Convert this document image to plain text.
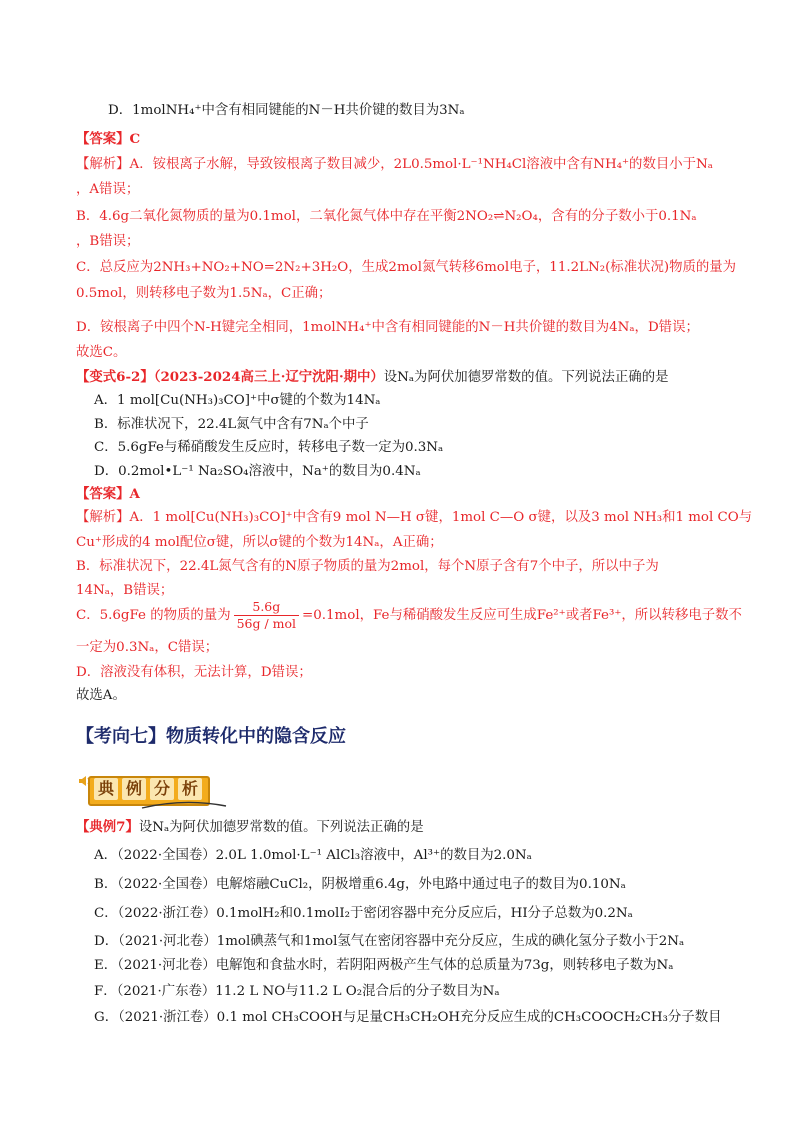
D．1molNH₄⁺中含有相同键能的N－H共价键的数目为3Nₐ
【答案】C
【解析】A．铵根离子水解，导致铵根离子数目减少，2L0.5mol·L⁻¹NH₄Cl溶液中含有NH₄⁺的数目小于Nₐ
，A错误；
B．4.6g二氧化氮物质的量为0.1mol，二氧化氮气体中存在平衡2NO₂⇌N₂O₄，含有的分子数小于0.1Nₐ
，B错误；
C．总反应为2NH₃+NO₂+NO=2N₂+3H₂O，生成2mol氮气转移6mol电子，11.2LN₂(标准状况)物质的量为
0.5mol，则转移电子数为1.5Nₐ，C正确；
D．铵根离子中四个N-H键完全相同，1molNH₄⁺中含有相同键能的N－H共价键的数目为4Nₐ，D错误；
故选C。
【变式6-2】（2023-2024高三上·辽宁沈阳·期中）设Nₐ为阿伏加德罗常数的值。下列说法正确的是
A．1 mol[Cu(NH₃)₃CO]⁺中σ键的个数为14Nₐ
B．标准状况下，22.4L氮气中含有7Nₐ个中子
C．5.6gFe与稀硝酸发生反应时，转移电子数一定为0.3Nₐ
D．0.2mol•L⁻¹ Na₂SO₄溶液中，Na⁺的数目为0.4Nₐ
【答案】A
【解析】A．1 mol[Cu(NH₃)₃CO]⁺中含有9 mol N—H σ键，1mol C—O σ键，以及3 mol NH₃和1 mol CO与
Cu⁺形成的4 mol配位σ键，所以σ键的个数为14Nₐ，A正确；
B．标准状况下，22.4L氮气含有的N原子物质的量为2mol，每个N原子含有7个中子，所以中子为
14Nₐ，B错误；
C．5.6gFe 的物质的量为 $\frac{5.6g}{\text{56g / mol}} =0.1mol$，Fe与稀硝酸发生反应可生成Fe²⁺或者Fe³⁺，所以转移电子数不
一定为0.3Nₐ，C错误；
D．溶液没有体积，无法计算，D错误；
故选A。
【考向七】物质转化中的隐含反应
典 例 分 析
【典例7】设Nₐ为阿伏加德罗常数的值。下列说法正确的是
A．（2022·全国卷）2.0L 1.0mol·L⁻¹ AlCl₃溶液中，Al³⁺的数目为2.0Nₐ
B．（2022·全国卷）电解熔融CuCl₂，阴极增重6.4g，外电路中通过电子的数目为0.10Nₐ
C．（2022·浙江卷）0.1molH₂和0.1molI₂于密闭容器中充分反应后，HI分子总数为0.2Nₐ
D．（2021·河北卷）1mol碘蒸气和1mol氢气在密闭容器中充分反应，生成的碘化氢分子数小于2Nₐ
E．（2021·河北卷）电解饱和食盐水时，若阴阳两极产生气体的总质量为73g，则转移电子数为Nₐ
F．（2021·广东卷）11.2 L NO与11.2 L O₂混合后的分子数目为Nₐ
G．（2021·浙江卷）0.1 mol CH₃COOH与足量CH₃CH₂OH充分反应生成的CH₃COOCH₂CH₃分子数目
